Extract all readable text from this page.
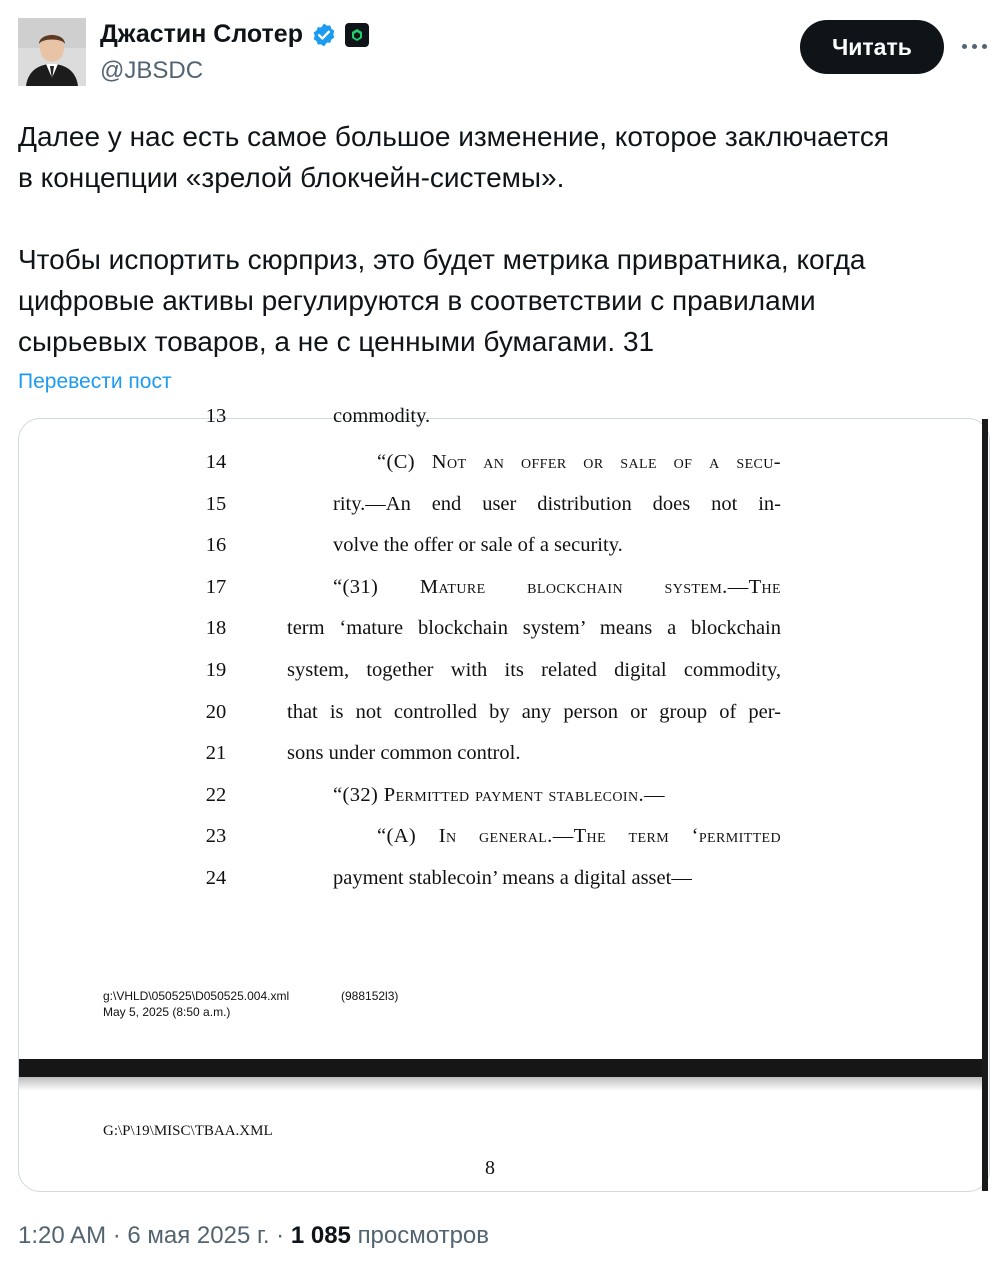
Джастин Слотер
@JBSDC
Читать

Далее у нас есть самое большое изменение, которое заключается
в концепции «зрелой блокчейн-системы».

Чтобы испортить сюрприз, это будет метрика привратника, когда
цифровые активы регулируются в соответствии с правилами
сырьевых товаров, а не с ценными бумагами. 31

Перевести пост
13	commodity.
14	“(C) Not an offer or sale of a secu-
15	rity.—An end user distribution does not in-
16	volve the offer or sale of a security.
17	“(31) Mature blockchain system.—The
18	term ‘mature blockchain system’ means a blockchain
19	system, together with its related digital commodity,
20	that is not controlled by any person or group of per-
21	sons under common control.
22	“(32) Permitted payment stablecoin.—
23	“(A) In general.—The term ‘permitted
24	payment stablecoin’ means a digital asset—
g:\VHLD\050525\D050525.004.xml	(988152l3)
May 5, 2025 (8:50 a.m.)
G:\P\19\MISC\TBAA.XML
8
1:20 AM · 6 мая 2025 г. · 1 085 просмотров
